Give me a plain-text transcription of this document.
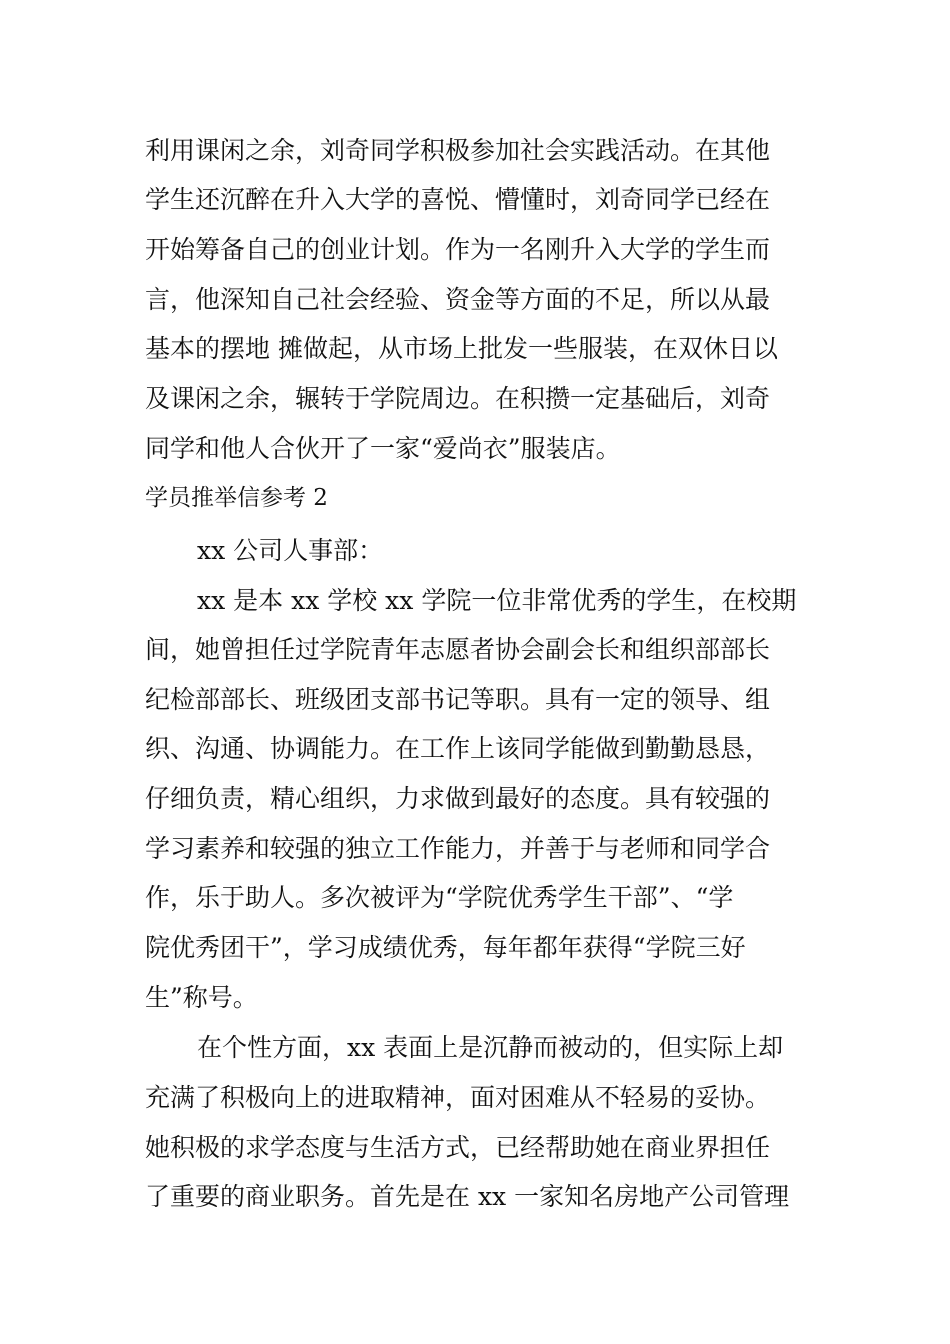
利用课闲之余，刘奇同学积极参加社会实践活动。在其他
学生还沉醉在升入大学的喜悦、懵懂时，刘奇同学已经在
开始筹备自己的创业计划。作为一名刚升入大学的学生而
言，他深知自己社会经验、资金等方面的不足，所以从最
基本的摆地 摊做起，从市场上批发一些服装，在双休日以
及课闲之余，辗转于学院周边。在积攒一定基础后，刘奇
同学和他人合伙开了一家“爱尚衣”服装店。
学员推举信参考 2
xx 公司人事部：
xx 是本 xx 学校 xx 学院一位非常优秀的学生，在校期
间，她曾担任过学院青年志愿者协会副会长和组织部部长
纪检部部长、班级团支部书记等职。具有一定的领导、组
织、沟通、协调能力。在工作上该同学能做到勤勤恳恳，
仔细负责，精心组织，力求做到最好的态度。具有较强的
学习素养和较强的独立工作能力，并善于与老师和同学合
作，乐于助人。多次被评为“学院优秀学生干部”、“学
院优秀团干”，学习成绩优秀，每年都年获得“学院三好
生”称号。
在个性方面，xx 表面上是沉静而被动的，但实际上却
充满了积极向上的进取精神，面对困难从不轻易的妥协。
她积极的求学态度与生活方式，已经帮助她在商业界担任
了重要的商业职务。首先是在 xx 一家知名房地产公司管理
